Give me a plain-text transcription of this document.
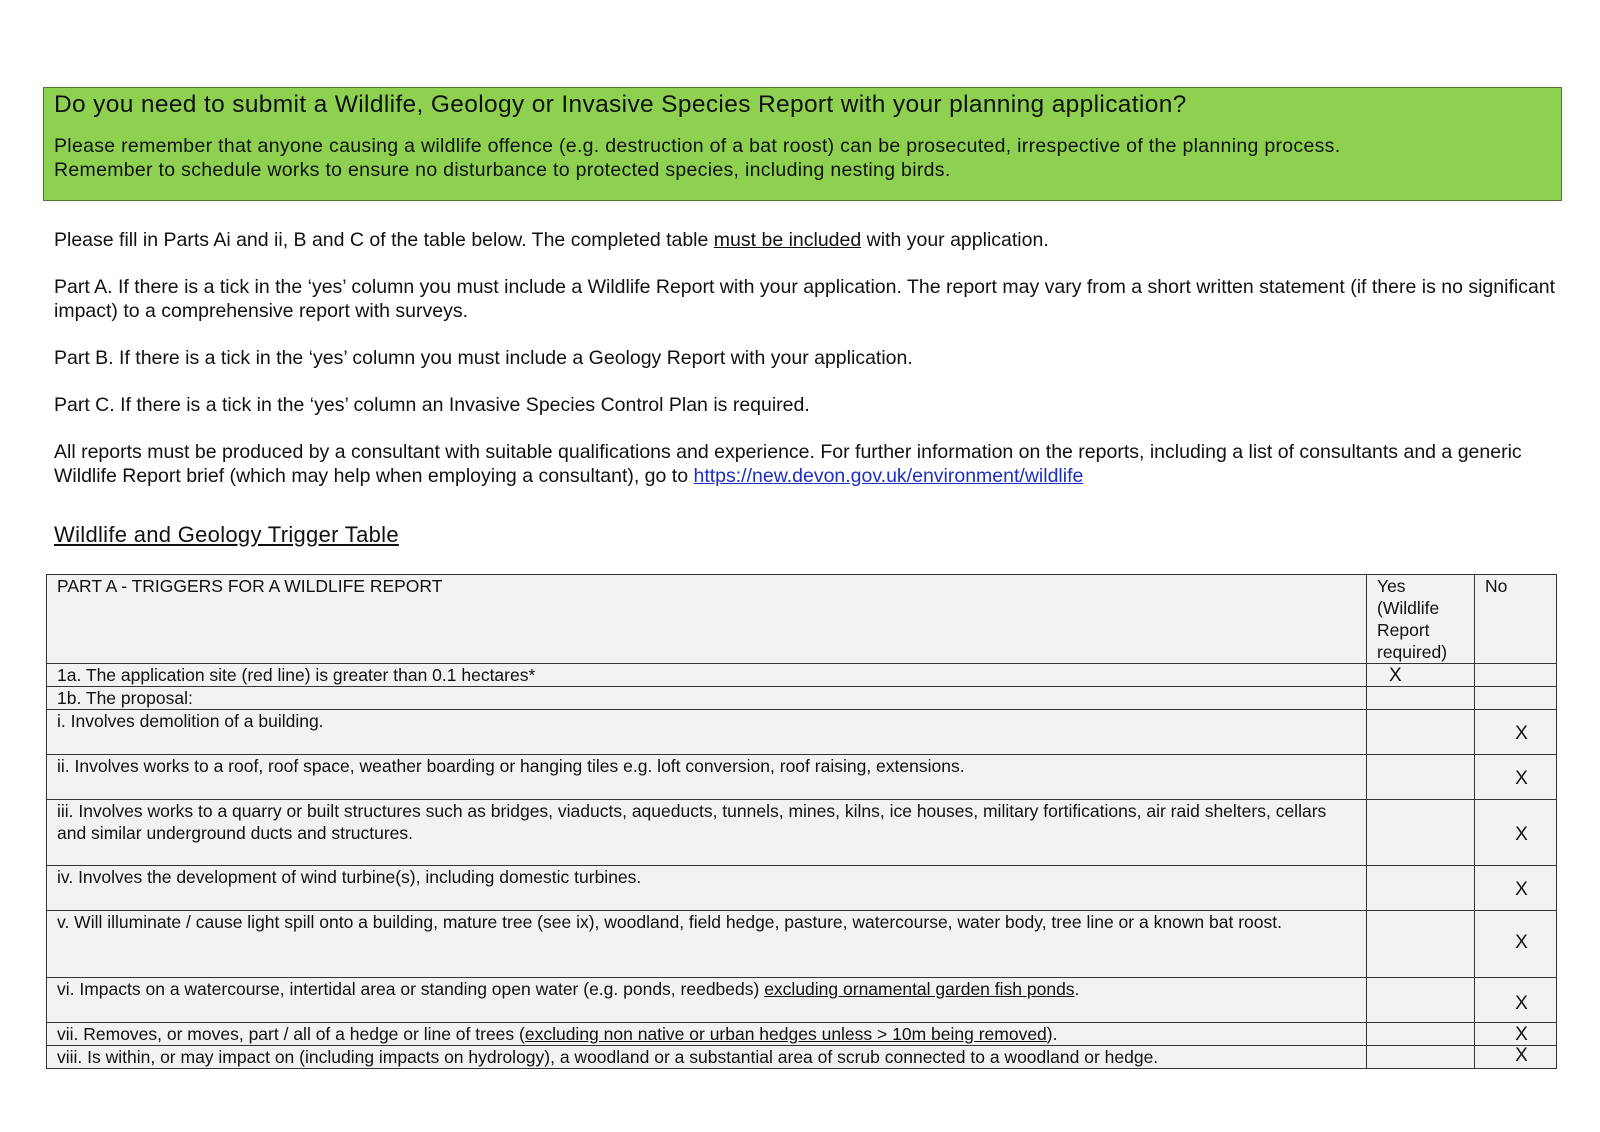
Do you need to submit a Wildlife, Geology or Invasive Species Report with your planning application?
Please remember that anyone causing a wildlife offence (e.g. destruction of a bat roost) can be prosecuted, irrespective of the planning process.
Remember to schedule works to ensure no disturbance to protected species, including nesting birds.

Please fill in Parts Ai and ii, B and C of the table below. The completed table must be included with your application.

Part A. If there is a tick in the ‘yes’ column you must include a Wildlife Report with your application. The report may vary from a short written statement (if there is no significant impact) to a comprehensive report with surveys.

Part B. If there is a tick in the ‘yes’ column you must include a Geology Report with your application.

Part C. If there is a tick in the ‘yes’ column an Invasive Species Control Plan is required.

All reports must be produced by a consultant with suitable qualifications and experience. For further information on the reports, including a list of consultants and a generic Wildlife Report brief (which may help when employing a consultant), go to https://new.devon.gov.uk/environment/wildlife

Wildlife and Geology Trigger Table
PART A - TRIGGERS FOR A WILDLIFE REPORT	Yes
(Wildlife
Report
required)	No
1a. The application site (red line) is greater than 0.1 hectares*	X	
1b. The proposal:		
i. Involves demolition of a building.		X
ii. Involves works to a roof, roof space, weather boarding or hanging tiles e.g. loft conversion, roof raising, extensions.		X
iii. Involves works to a quarry or built structures such as bridges, viaducts, aqueducts, tunnels, mines, kilns, ice houses, military fortifications, air raid shelters, cellars and similar underground ducts and structures.		X
iv. Involves the development of wind turbine(s), including domestic turbines.		X
v. Will illuminate / cause light spill onto a building, mature tree (see ix), woodland, field hedge, pasture, watercourse, water body, tree line or a known bat roost.		X
vi. Impacts on a watercourse, intertidal area or standing open water (e.g. ponds, reedbeds) excluding ornamental garden fish ponds.		X
vii. Removes, or moves, part / all of a hedge or line of trees (excluding non native or urban hedges unless > 10m being removed).		X
viii. Is within, or may impact on (including impacts on hydrology), a woodland or a substantial area of scrub connected to a woodland or hedge.		X
